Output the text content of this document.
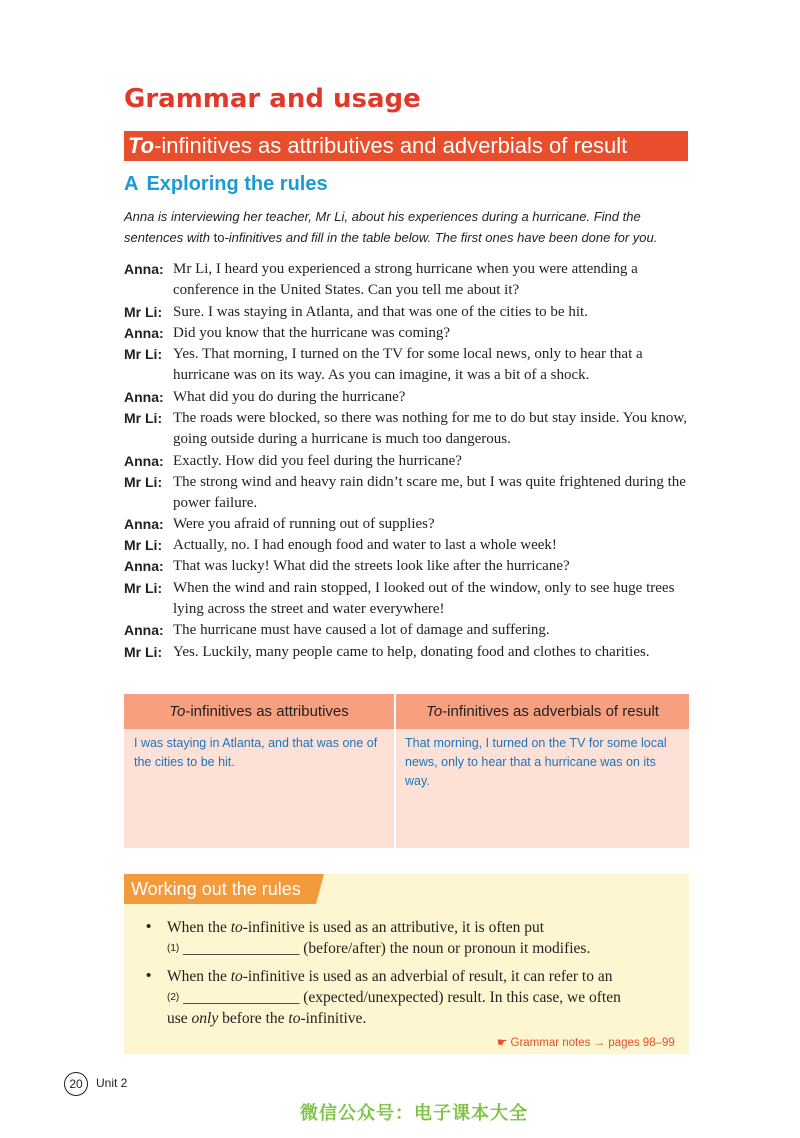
Grammar and usage
To-infinitives as attributives and adverbials of result
A Exploring the rules
Anna is interviewing her teacher, Mr Li, about his experiences during a hurricane. Find the sentences with to-infinitives and fill in the table below. The first ones have been done for you.
Anna: Mr Li, I heard you experienced a strong hurricane when you were attending a conference in the United States. Can you tell me about it?
Mr Li: Sure. I was staying in Atlanta, and that was one of the cities to be hit.
Anna: Did you know that the hurricane was coming?
Mr Li: Yes. That morning, I turned on the TV for some local news, only to hear that a hurricane was on its way. As you can imagine, it was a bit of a shock.
Anna: What did you do during the hurricane?
Mr Li: The roads were blocked, so there was nothing for me to do but stay inside. You know, going outside during a hurricane is much too dangerous.
Anna: Exactly. How did you feel during the hurricane?
Mr Li: The strong wind and heavy rain didn’t scare me, but I was quite frightened during the power failure.
Anna: Were you afraid of running out of supplies?
Mr Li: Actually, no. I had enough food and water to last a whole week!
Anna: That was lucky! What did the streets look like after the hurricane?
Mr Li: When the wind and rain stopped, I looked out of the window, only to see huge trees lying across the street and water everywhere!
Anna: The hurricane must have caused a lot of damage and suffering.
Mr Li: Yes. Luckily, many people came to help, donating food and clothes to charities.
To-infinitives as attributives	To-infinitives as adverbials of result
I was staying in Atlanta, and that was one of the cities to be hit.
That morning, I turned on the TV for some local news, only to hear that a hurricane was on its way.
Working out the rules
• When the to-infinitive is used as an attributive, it is often put
$^{(1)}$ _______________ (before/after) the noun or pronoun it modifies.
• When the to-infinitive is used as an adverbial of result, it can refer to an
$^{(2)}$ _______________ (expected/unexpected) result. In this case, we often
use only before the to-infinitive.
☛ Grammar notes → pages 98–99
20	Unit 2
微信公众号：电子课本大全
